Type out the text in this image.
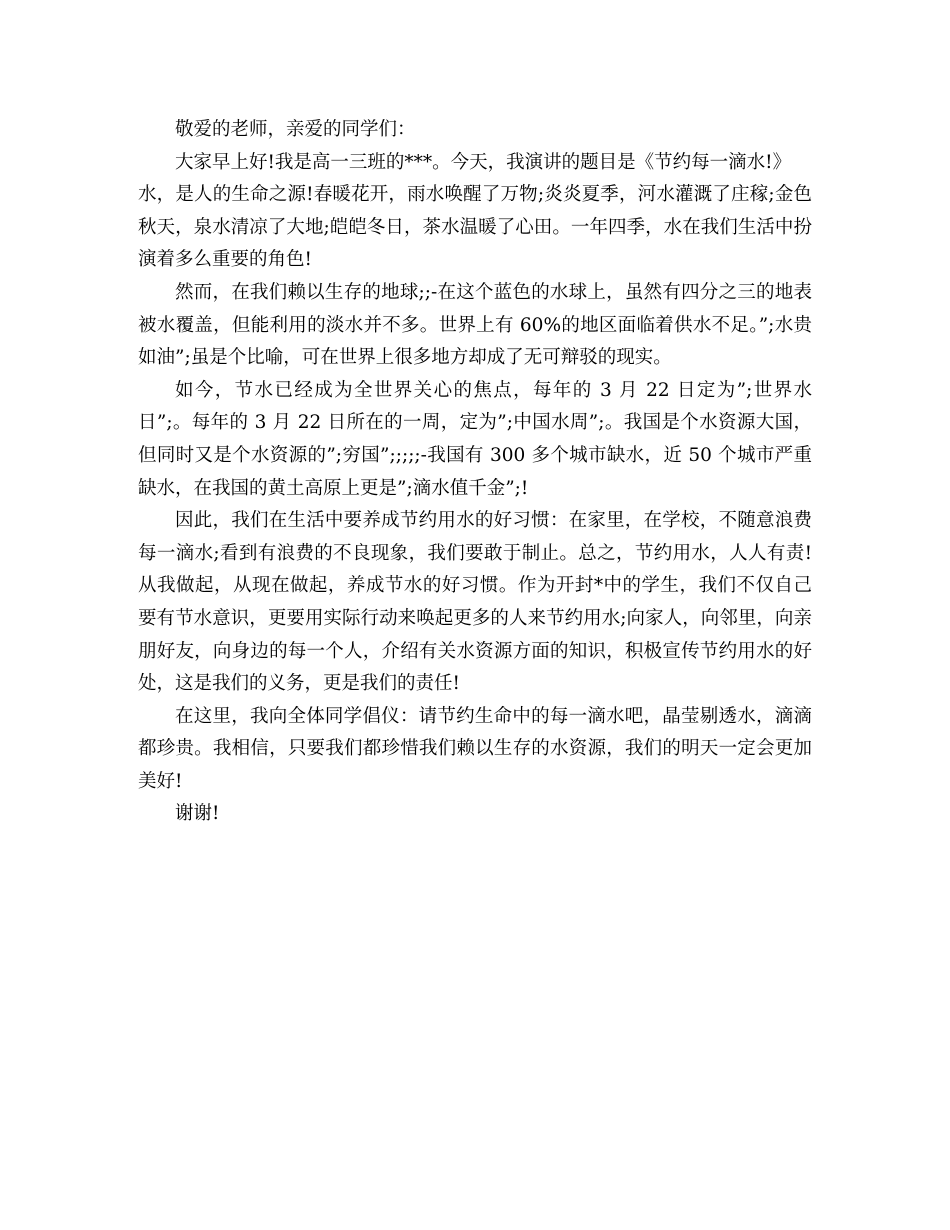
敬爱的老师，亲爱的同学们：

大家早上好!我是高一三班的***。今天，我演讲的题目是《节约每一滴水!》

水，是人的生命之源!春暖花开，雨水唤醒了万物;炎炎夏季，河水灌溉了庄稼;金色秋天，泉水清凉了大地;皑皑冬日，茶水温暖了心田。一年四季，水在我们生活中扮演着多么重要的角色!

然而，在我们赖以生存的地球;;-在这个蓝色的水球上，虽然有四分之三的地表被水覆盖，但能利用的淡水并不多。世界上有 60%的地区面临着供水不足。”;水贵如油”;虽是个比喻，可在世界上很多地方却成了无可辩驳的现实。

如今，节水已经成为全世界关心的焦点，每年的 3 月 22 日定为”;世界水日”;。每年的 3 月 22 日所在的一周，定为”;中国水周”;。我国是个水资源大国，但同时又是个水资源的”;穷国”;;;;;-我国有 300 多个城市缺水，近 50 个城市严重缺水，在我国的黄土高原上更是”;滴水值千金”;!

因此，我们在生活中要养成节约用水的好习惯：在家里，在学校，不随意浪费每一滴水;看到有浪费的不良现象，我们要敢于制止。总之，节约用水，人人有责!从我做起，从现在做起，养成节水的好习惯。作为开封*中的学生，我们不仅自己要有节水意识，更要用实际行动来唤起更多的人来节约用水;向家人，向邻里，向亲朋好友，向身边的每一个人，介绍有关水资源方面的知识，积极宣传节约用水的好处，这是我们的义务，更是我们的责任!

在这里，我向全体同学倡仪：请节约生命中的每一滴水吧，晶莹剔透水，滴滴都珍贵。我相信，只要我们都珍惜我们赖以生存的水资源，我们的明天一定会更加美好!

谢谢!
